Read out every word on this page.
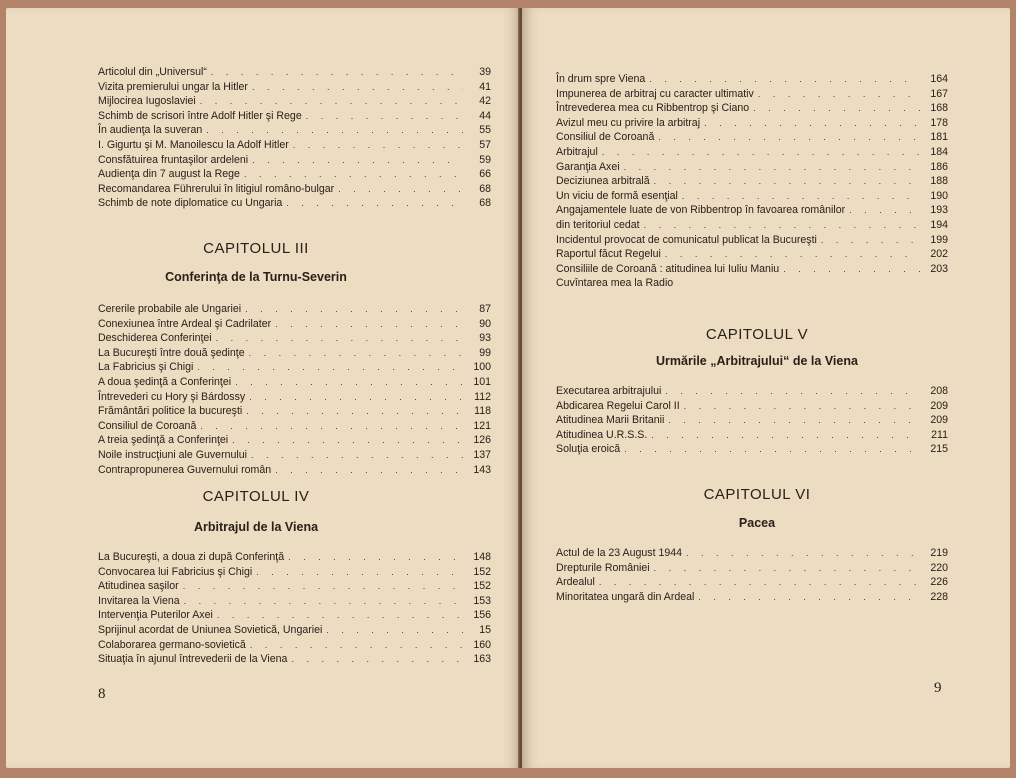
Articolul din „Universul“ . . .	39
Vizita premierului ungar la Hitler . . .	41
Mijlocirea Iugoslaviei . . .	42
Schimb de scrisori între Adolf Hitler şi Rege . . .	44
În audienţa la suveran . . .	55
I. Gigurtu şi M. Manoilescu la Adolf Hitler . . .	57
Consfătuirea fruntaşilor ardeleni . . .	59
Audienţa din 7 august la Rege . . .	66
Recomandarea Führerului în litigiul româno-bulgar . . .	68
Schimb de note diplomatice cu Ungaria . . .	68
CAPITOLUL III
Conferinţa de la Turnu-Severin
Cererile probabile ale Ungariei . . .	87
Conexiunea între Ardeal şi Cadrilater . . .	90
Deschiderea Conferinţei . . .	93
La Bucureşti între două şedinţe . . .	99
La Fabricius şi Chigi . . .	100
A doua şedinţă a Conferinţei . . .	101
Întrevederi cu Hory şi Bárdossy . . .	112
Frământări politice la bucureşti . . .	118
Consiliul de Coroană . . .	121
A treia şedinţă a Conferinţei . . .	126
Noile instrucţiuni ale Guvernului . . .	137
Contrapropunerea Guvernului român . . .	143
CAPITOLUL IV
Arbitrajul de la Viena
La Bucureşti, a doua zi după Conferinţă . . .	148
Convocarea lui Fabricius şi Chigi . . .	152
Atitudinea saşilor . . .	152
Invitarea la Viena . . .	153
Intervenţia Puterilor Axei . . .	156
Sprijinul acordat de Uniunea Sovietică, Ungariei . . .	15
Colaborarea germano-sovietică . . .	160
Situaţia în ajunul întrevederii de la Viena . . .	163
8
În drum spre Viena . . .	164
Impunerea de arbitraj cu caracter ultimativ . . .	167
Întrevederea mea cu Ribbentrop şi Ciano . . .	168
Avizul meu cu privire la arbitraj . . .	178
Consiliul de Coroană . . .	181
Arbitrajul . . .	184
Garanţia Axei . . .	186
Deciziunea arbitrală . . .	188
Un viciu de formă esenţial . . .	190
Angajamentele luate de von Ribbentrop în favoarea românilor . . .	193
din teritoriul cedat . . .	194
Incidentul provocat de comunicatul publicat la Bucureşti . . .	199
Raportul făcut Regelui . . .	202
Consiliile de Coroană : atitudinea lui Iuliu Maniu . . .	203
Cuvîntarea mea la Radio
CAPITOLUL V
Urmările „Arbitrajului“ de la Viena
Executarea arbitrajului . . .	208
Abdicarea Regelui Carol II . . .	209
Atitudinea Marii Britanii . . .	209
Atitudinea U.R.S.S. . . .	211
Soluţia eroică . . .	215
CAPITOLUL VI
Pacea
Actul de la 23 August 1944 . . .	219
Drepturile României . . .	220
Ardealul . . .	226
Minoritatea ungară din Ardeal . . .	228
9
